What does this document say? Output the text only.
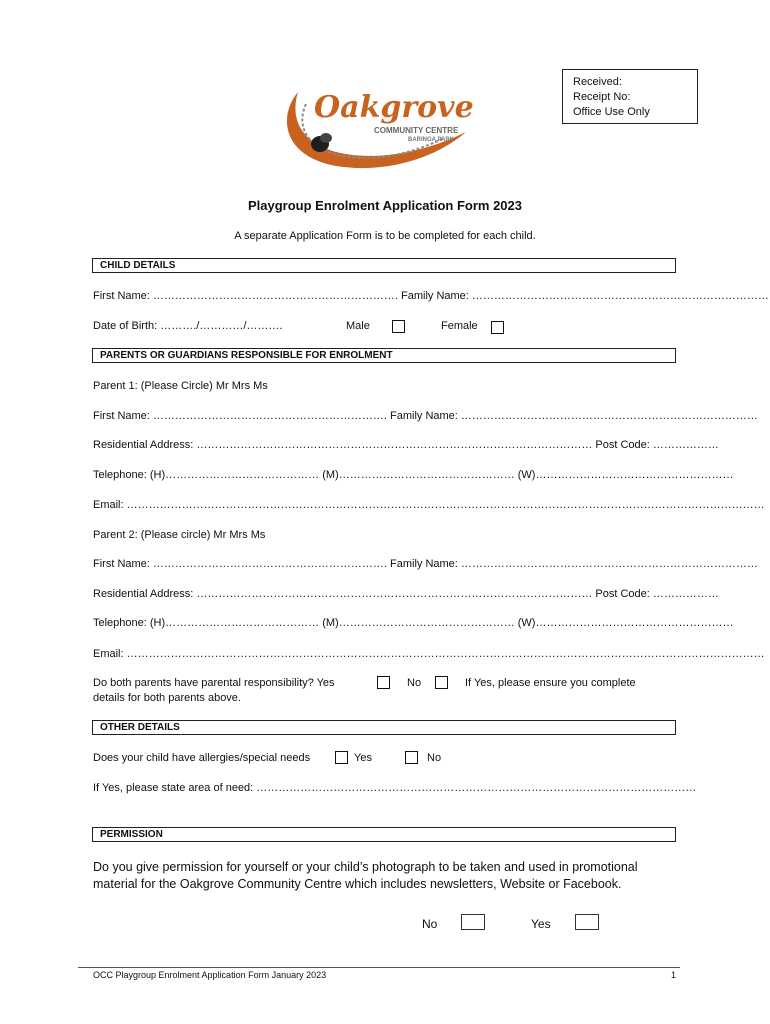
Received:
Receipt No:
Office Use Only
Oakgrove
COMMUNITY CENTRE
BARINGA PARK
Playgroup Enrolment Application Form 2023
A separate Application Form is to be completed for each child.
CHILD DETAILS
First Name: …………………………………………………………. Family Name: ………………………………………………………………………
Date of Birth: ………./…………/……….	Male	Female
PARENTS OR GUARDIANS RESPONSIBLE FOR ENROLMENT
Parent 1: (Please Circle) Mr Mrs Ms
First Name: ………………………………………………………. Family Name: ………………………………………………………………………
Residential Address: ……………………………………………………………………………………………… Post Code: ………………
Telephone: (H)…………………………………… (M)………………………………………… (W)………………………………………………
Email: …………………………………………………………………………………………………………………………………………………………
Parent 2: (Please circle) Mr Mrs Ms
First Name: ………………………………………………………. Family Name: ………………………………………………………………………
Residential Address: ……………………………………………………………………………………………… Post Code: ………………
Telephone: (H)…………………………………… (M)………………………………………… (W)………………………………………………
Email: …………………………………………………………………………………………………………………………………………………………
Do both parents have parental responsibility? Yes	No	If Yes, please ensure you complete
details for both parents above.
OTHER DETAILS
Does your child have allergies/special needs	Yes	No
If Yes, please state area of need: …………………………………………………………………………………………………………
PERMISSION
Do you give permission for yourself or your child’s photograph to be taken and used in promotional material for the Oakgrove Community Centre which includes newsletters, Website or Facebook.
No	Yes
OCC Playgroup Enrolment Application Form January 2023	1
